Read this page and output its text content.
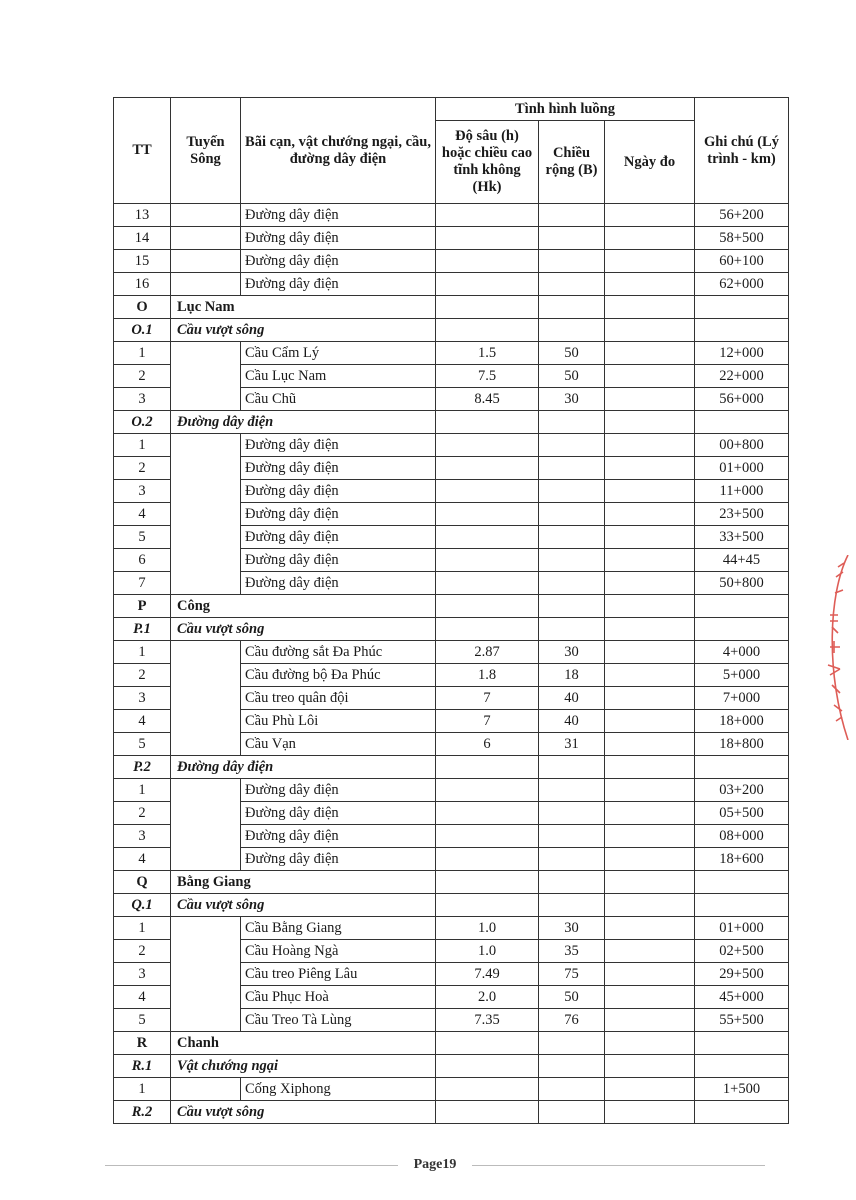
TT	Tuyến Sông	Bãi cạn, vật chướng ngại, cầu, đường dây điện	Tình hình luồng			Ghi chú (Lý trình - km)
			Độ sâu (h) hoặc chiều cao tĩnh không (Hk)	Chiều rộng (B)	Ngày đo	
13		Đường dây điện				56+200
14		Đường dây điện				58+500
15		Đường dây điện				60+100
16		Đường dây điện				62+000
O	Lục Nam					
O.1	Cầu vượt sông					
1		Cầu Cẩm Lý	1.5	50		12+000
2		Cầu Lục Nam	7.5	50		22+000
3		Cầu Chũ	8.45	30		56+000
O.2	Đường dây điện					
1		Đường dây điện				00+800
2		Đường dây điện				01+000
3		Đường dây điện				11+000
4		Đường dây điện				23+500
5		Đường dây điện				33+500
6		Đường dây điện				44+45
7		Đường dây điện				50+800
P	Công					
P.1	Cầu vượt sông					
1		Cầu đường sắt Đa Phúc	2.87	30		4+000
2		Cầu đường bộ Đa Phúc	1.8	18		5+000
3		Cầu treo quân đội	7	40		7+000
4		Cầu Phù Lôi	7	40		18+000
5		Cầu Vạn	6	31		18+800
P.2	Đường dây điện					
1		Đường dây điện				03+200
2		Đường dây điện				05+500
3		Đường dây điện				08+000
4		Đường dây điện				18+600
Q	Bằng Giang					
Q.1	Cầu vượt sông					
1		Cầu Bằng Giang	1.0	30		01+000
2		Cầu Hoàng Ngà	1.0	35		02+500
3		Cầu treo Piêng Lâu	7.49	75		29+500
4		Cầu Phục Hoà	2.0	50		45+000
5		Cầu Treo Tà Lùng	7.35	76		55+500
R	Chanh					
R.1	Vật chướng ngại					
1		Cống Xiphong				1+500
R.2	Cầu vượt sông					
Page19
